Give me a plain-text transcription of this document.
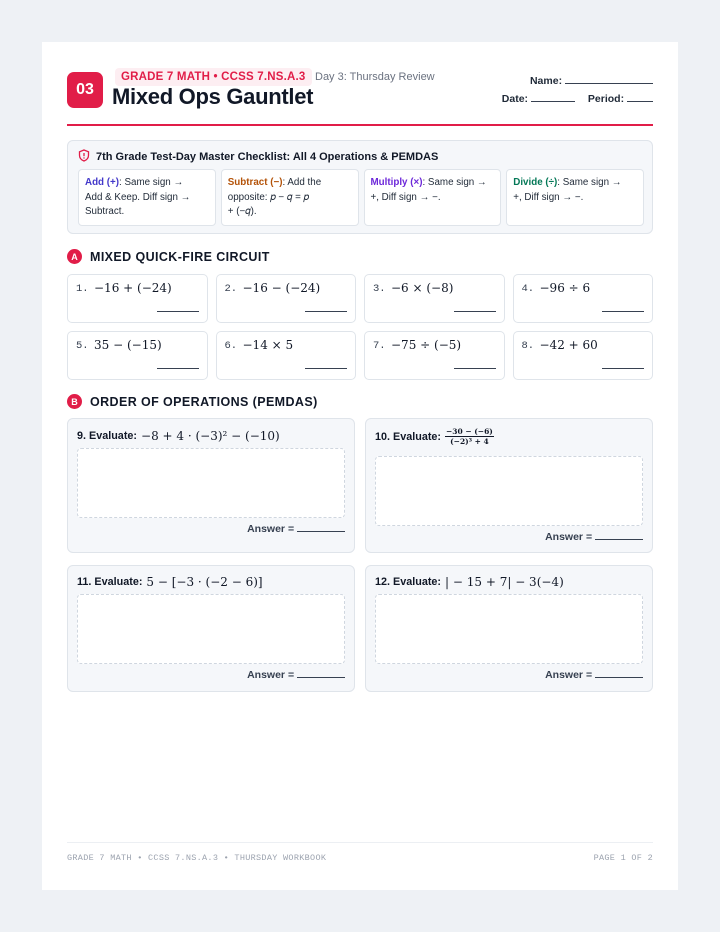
03
GRADE 7 MATH • CCSS 7.NS.A.3 Day 3: Thursday Review
Mixed Ops Gauntlet
Name:
Date:	Period:
7th Grade Test-Day Master Checklist: All 4 Operations & PEMDAS
Add (+): Same sign →
Add & Keep. Diff sign →
Subtract.
Subtract (−): Add the
opposite: 𝑝 − 𝑞 = 𝑝
+ (−𝑞).
Multiply (×): Same sign →
+, Diff sign → −.
Divide (÷): Same sign →
+, Diff sign → −.
A MIXED QUICK-FIRE CIRCUIT
1. −16 + (−24)	2. −16 − (−24)	3. −6 × (−8)	4. −96 ÷ 6
5. 35 − (−15)	6. −14 × 5	7. −75 ÷ (−5)	8. −42 + 60
B ORDER OF OPERATIONS (PEMDAS)
9. Evaluate: −8 + 4 · (−3)² − (−10)
Answer =
10. Evaluate: $\frac{-30 - (-6)}{\text{(−2)³ + 4}}$
Answer =
11. Evaluate: 5 − [−3 · (−2 − 6)]
Answer =
12. Evaluate: | − 15 + 7| − 3(−4)
Answer =
GRADE 7 MATH • CCSS 7.NS.A.3 • THURSDAY WORKBOOK	PAGE 1 OF 2
